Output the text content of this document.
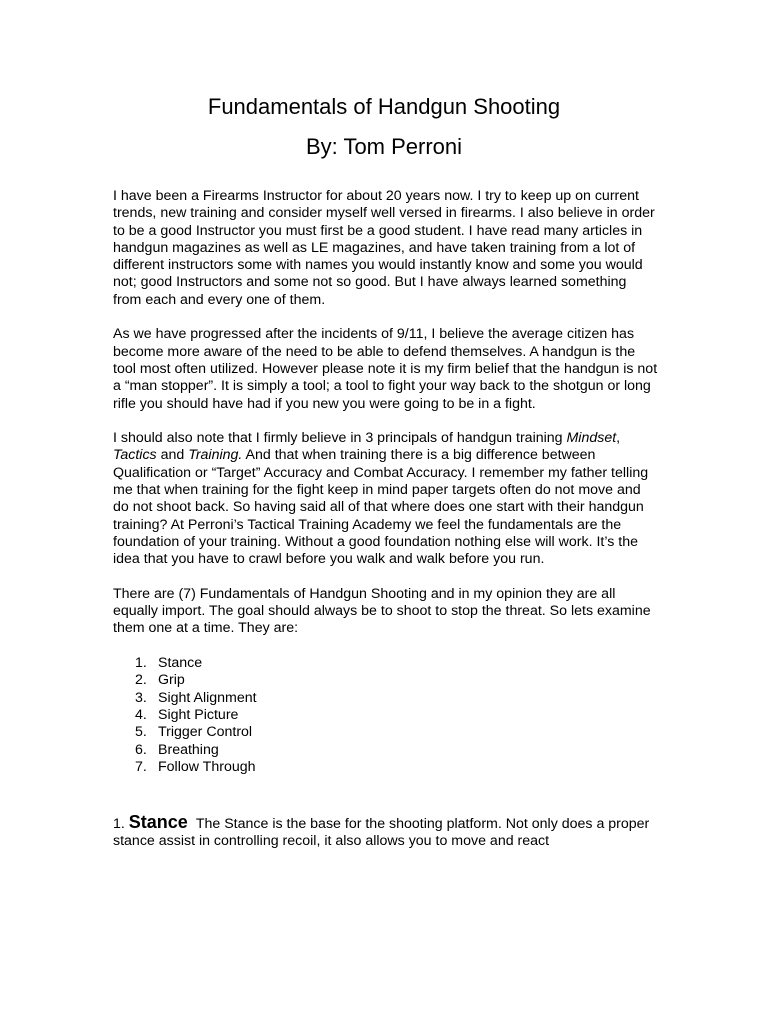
Fundamentals of Handgun Shooting
By: Tom Perroni

I have been a Firearms Instructor for about 20 years now. I try to keep up on current trends, new training and consider myself well versed in firearms. I also believe in order to be a good Instructor you must first be a good student. I have read many articles in handgun magazines as well as LE magazines, and have taken training from a lot of different instructors some with names you would instantly know and some you would not; good Instructors and some not so good. But I have always learned something from each and every one of them.

As we have progressed after the incidents of 9/11, I believe the average citizen has become more aware of the need to be able to defend themselves. A handgun is the tool most often utilized. However please note it is my firm belief that the handgun is not a “man stopper”. It is simply a tool; a tool to fight your way back to the shotgun or long rifle you should have had if you new you were going to be in a fight.

I should also note that I firmly believe in 3 principals of handgun training Mindset, Tactics and Training. And that when training there is a big difference between Qualification or “Target” Accuracy and Combat Accuracy. I remember my father telling me that when training for the fight keep in mind paper targets often do not move and do not shoot back. So having said all of that where does one start with their handgun training? At Perroni’s Tactical Training Academy we feel the fundamentals are the foundation of your training. Without a good foundation nothing else will work. It’s the idea that you have to crawl before you walk and walk before you run.

There are (7) Fundamentals of Handgun Shooting and in my opinion they are all equally import. The goal should always be to shoot to stop the threat. So lets examine them one at a time. They are:

1. Stance
2. Grip
3. Sight Alignment
4. Sight Picture
5. Trigger Control
6. Breathing
7. Follow Through

1. Stance The Stance is the base for the shooting platform. Not only does a proper stance assist in controlling recoil, it also allows you to move and react
